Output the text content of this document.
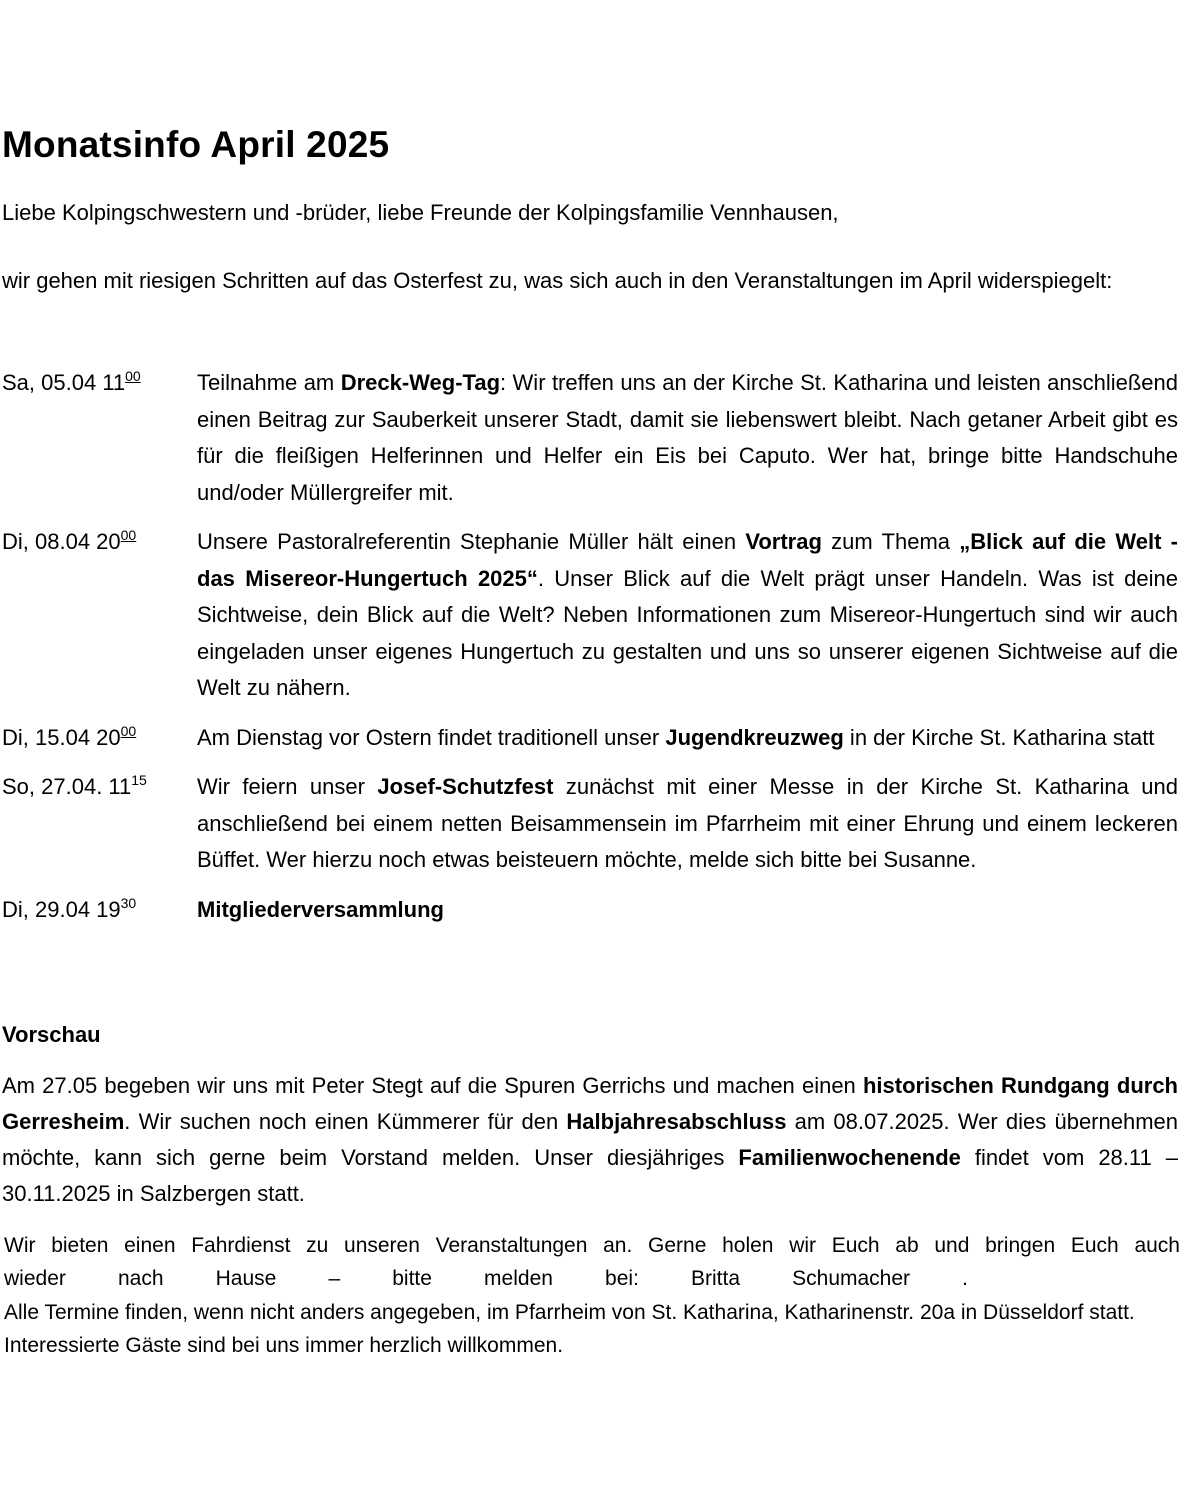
Monatsinfo April 2025

Liebe Kolpingschwestern und -brüder, liebe Freunde der Kolpingsfamilie Vennhausen,

wir gehen mit riesigen Schritten auf das Osterfest zu, was sich auch in den Veranstaltungen im April widerspiegelt:

Sa, 05.04 $11^{00}$	Teilnahme am Dreck-Weg-Tag: Wir treffen uns an der Kirche St. Katharina und leisten anschließend einen Beitrag zur Sauberkeit unserer Stadt, damit sie liebenswert bleibt. Nach getaner Arbeit gibt es für die fleißigen Helferinnen und Helfer ein Eis bei Caputo. Wer hat, bringe bitte Handschuhe und/oder Müllergreifer mit.
Di, 08.04 $20^{00}$	Unsere Pastoralreferentin Stephanie Müller hält einen Vortrag zum Thema „Blick auf die Welt - das Misereor-Hungertuch 2025“. Unser Blick auf die Welt prägt unser Handeln. Was ist deine Sichtweise, dein Blick auf die Welt? Neben Informationen zum Misereor-Hungertuch sind wir auch eingeladen unser eigenes Hungertuch zu gestalten und uns so unserer eigenen Sichtweise auf die Welt zu nähern.
Di, 15.04 $20^{00}$	Am Dienstag vor Ostern findet traditionell unser Jugendkreuzweg in der Kirche St. Katharina statt
So, 27.04. $11^{15}$	Wir feiern unser Josef-Schutzfest zunächst mit einer Messe in der Kirche St. Katharina und anschließend bei einem netten Beisammensein im Pfarrheim mit einer Ehrung und einem leckeren Büffet. Wer hierzu noch etwas beisteuern möchte, melde sich bitte bei Susanne.
Di, 29.04 $19^{30}$	Mitgliederversammlung
Vorschau

Am 27.05 begeben wir uns mit Peter Stegt auf die Spuren Gerrichs und machen einen historischen Rundgang durch Gerresheim. Wir suchen noch einen Kümmerer für den Halbjahresabschluss am 08.07.2025. Wer dies übernehmen möchte, kann sich gerne beim Vorstand melden. Unser diesjähriges Familienwochenende findet vom 28.11 – 30.11.2025 in Salzbergen statt.

Wir bieten einen Fahrdienst zu unseren Veranstaltungen an. Gerne holen wir Euch ab und bringen Euch auch

wieder nach Hause – bitte melden bei: Britta Schumacher .

Alle Termine finden, wenn nicht anders angegeben, im Pfarrheim von St. Katharina, Katharinenstr. 20a in Düsseldorf statt. Interessierte Gäste sind bei uns immer herzlich willkommen.
